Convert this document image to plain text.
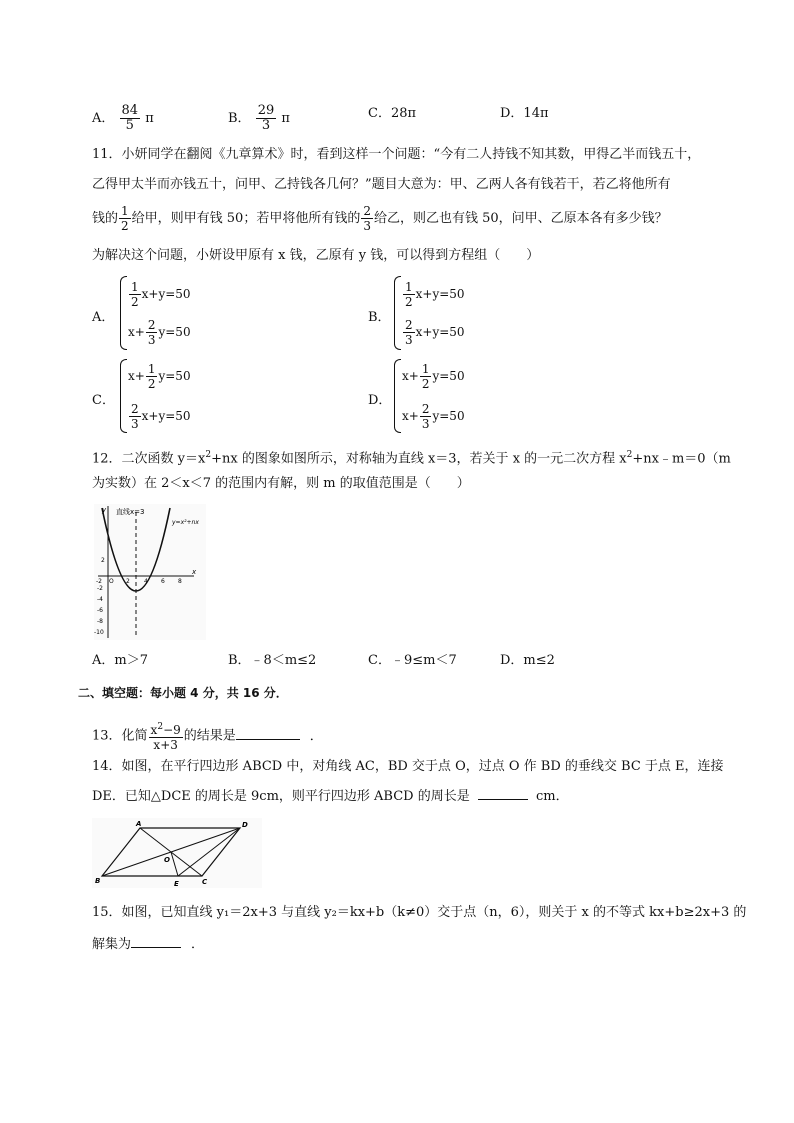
A． $\frac{84}{5}$ π	B． $\frac{29}{3}$ π	C．28π	D．14π
11．小妍同学在翻阅《九章算术》时，看到这样一个问题：“今有二人持钱不知其数，甲得乙半而钱五十，
乙得甲太半而亦钱五十，问甲、乙持钱各几何？”题目大意为：甲、乙两人各有钱若干，若乙将他所有
钱的 $\frac{1}{2}$ 给甲，则甲有钱 50；若甲将他所有钱的 $\frac{2}{3}$ 给乙，则乙也有钱 50，问甲、乙原本各有多少钱？
为解决这个问题，小妍设甲原有 x 钱，乙原有 y 钱，可以得到方程组（　　）
A．
$\frac{1}{2} x+y=50$
$x+ \frac{2}{3} y=50$
B．
$\frac{1}{2} x+y=50$
$\frac{2}{3} x+y=50$
C．
$x+ \frac{1}{2} y=50$
$\frac{2}{3} x+y=50$
D．
$x+ \frac{1}{2} y=50$
$x+ \frac{2}{3} y=50$
12．二次函数 $y=x^2+nx$ 的图象如图所示，对称轴为直线 x＝3，若关于 x 的一元二次方程 $x^2+nx﹣m=0(m$
为实数）在 2＜x＜7 的范围内有解，则 m 的取值范围是（　　）
直线x=3
y=x²+nx
y
x
-2 O 2 4 6 8
2
-2
-4
-6
-8
-10
A．m＞7	B．﹣8＜m≤2	C．﹣9≤m＜7	D．m≤2
二、填空题：每小题 4 分，共 16 分．
13．化简 $\frac{x^2-9}{x+3}$ 的结果是	．
14．如图，在平行四边形 ABCD 中，对角线 AC，BD 交于点 O，过点 O 作 BD 的垂线交 BC 于点 E，连接
DE．已知△DCE 的周长是 9cm，则平行四边形 ABCD 的周长是	cm．
A	D
B	C
O
E
15．如图，已知直线 y₁＝2x+3 与直线 y₂＝kx+b（k≠0）交于点（n，6），则关于 x 的不等式 kx+b≥2x+3 的
解集为	．
